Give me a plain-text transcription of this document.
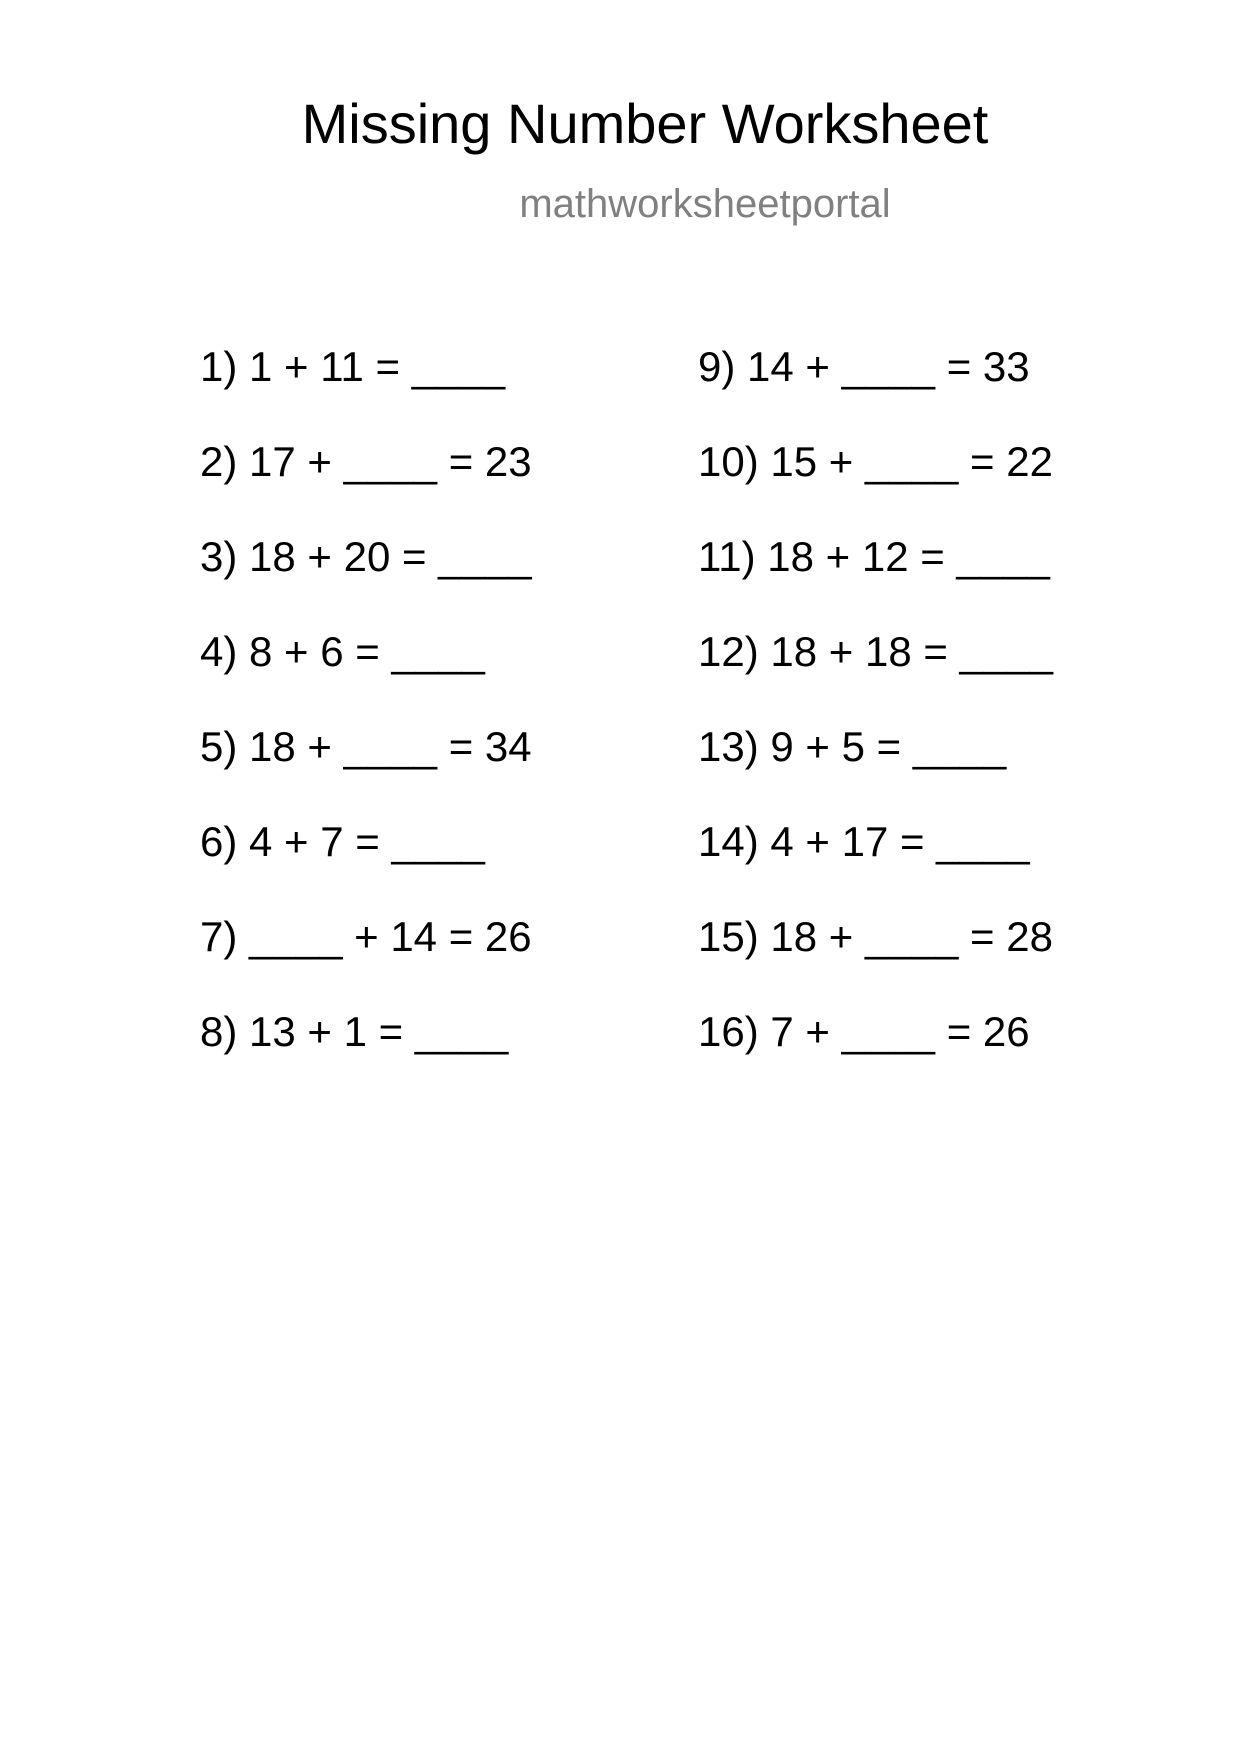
Missing Number Worksheet
mathworksheetportal
1) 1 + 11 = ____
2) 17 + ____ = 23
3) 18 + 20 = ____
4) 8 + 6 = ____
5) 18 + ____ = 34
6) 4 + 7 = ____
7) ____ + 14 = 26
8) 13 + 1 = ____
9) 14 + ____ = 33
10) 15 + ____ = 22
11) 18 + 12 = ____
12) 18 + 18 = ____
13) 9 + 5 = ____
14) 4 + 17 = ____
15) 18 + ____ = 28
16) 7 + ____ = 26
